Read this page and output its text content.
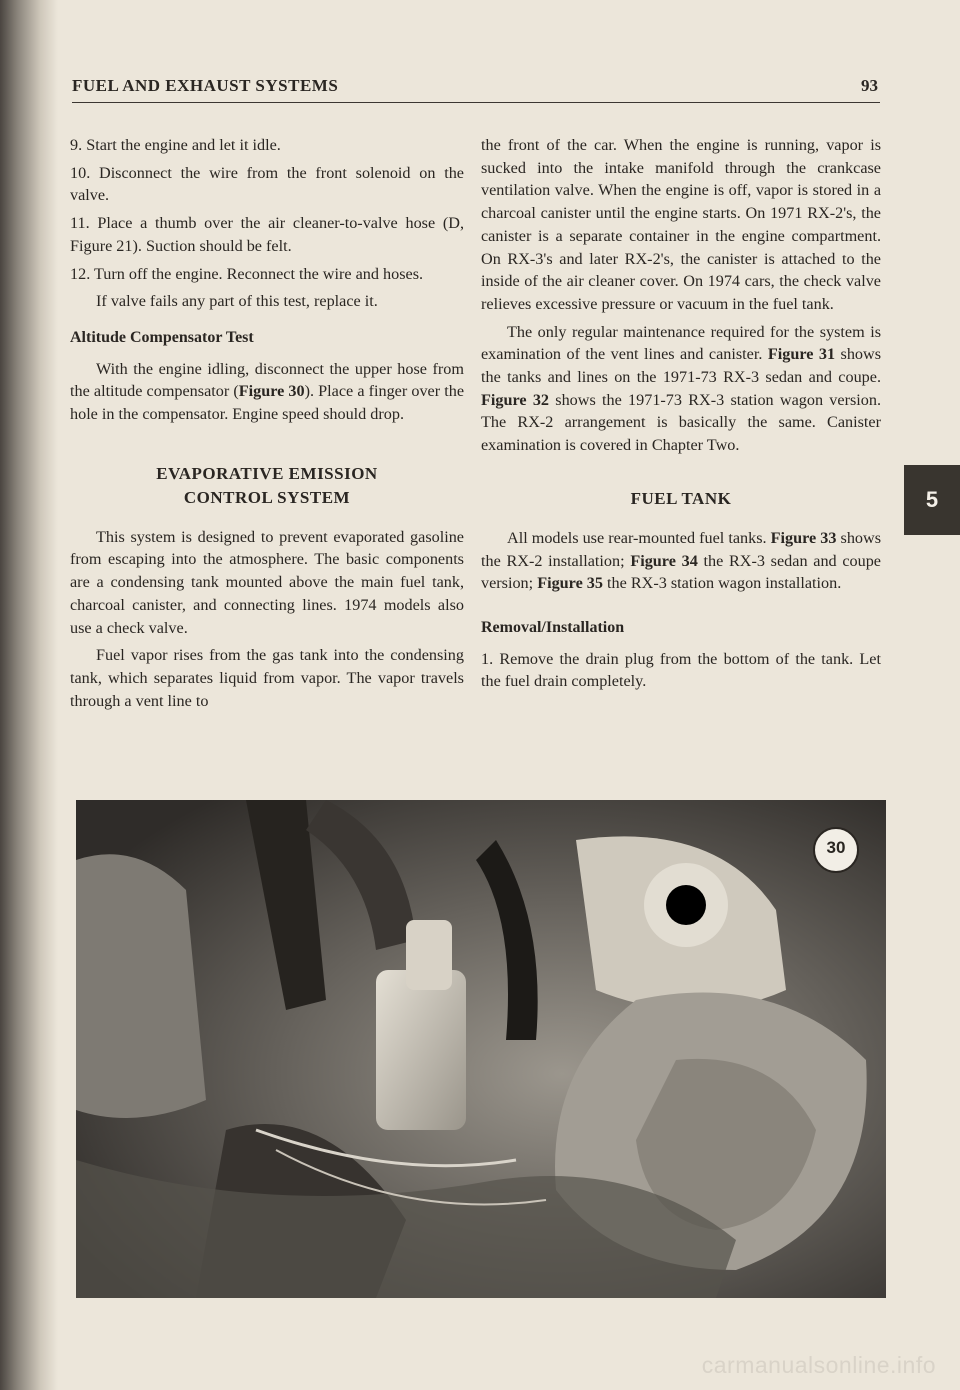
FUEL AND EXHAUST SYSTEMS	93

9. Start the engine and let it idle.

10. Disconnect the wire from the front solenoid on the valve.

11. Place a thumb over the air cleaner-to-valve hose (D, Figure 21). Suction should be felt.

12. Turn off the engine. Reconnect the wire and hoses.

If valve fails any part of this test, replace it.

Altitude Compensator Test

With the engine idling, disconnect the upper hose from the altitude compensator (Figure 30). Place a finger over the hole in the compensator. Engine speed should drop.

EVAPORATIVE EMISSION
CONTROL SYSTEM

This system is designed to prevent evaporated gasoline from escaping into the atmosphere. The basic components are a condensing tank mounted above the main fuel tank, charcoal canister, and connecting lines. 1974 models also use a check valve.

Fuel vapor rises from the gas tank into the condensing tank, which separates liquid from vapor. The vapor travels through a vent line to

the front of the car. When the engine is running, vapor is sucked into the intake manifold through the crankcase ventilation valve. When the engine is off, vapor is stored in a charcoal canister until the engine starts. On 1971 RX-2's, the canister is a separate container in the engine compartment. On RX-3's and later RX-2's, the canister is attached to the inside of the air cleaner cover. On 1974 cars, the check valve relieves excessive pressure or vacuum in the fuel tank.

The only regular maintenance required for the system is examination of the vent lines and canister. Figure 31 shows the tanks and lines on the 1971-73 RX-3 sedan and coupe. Figure 32 shows the 1971-73 RX-3 station wagon version. The RX-2 arrangement is basically the same. Canister examination is covered in Chapter Two.

FUEL TANK

All models use rear-mounted fuel tanks. Figure 33 shows the RX-2 installation; Figure 34 the RX-3 sedan and coupe version; Figure 35 the RX-3 station wagon installation.

Removal/Installation

1. Remove the drain plug from the bottom of the tank. Let the fuel drain completely.

5
30
carmanualsonline.info
